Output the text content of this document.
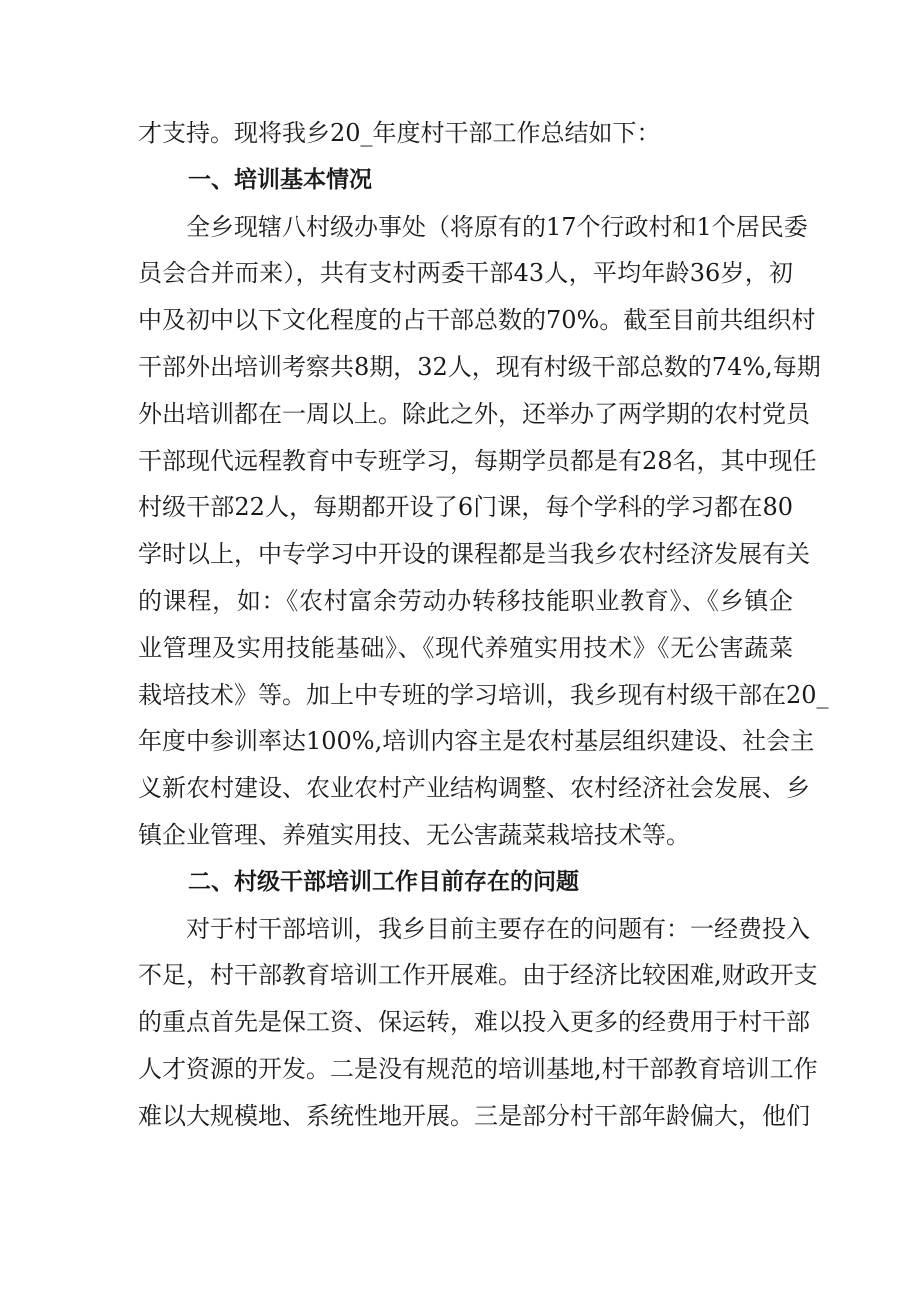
才支持。现将我乡20_年度村干部工作总结如下：
一、培训基本情况
全乡现辖八村级办事处（将原有的17个行政村和1个居民委
员会合并而来），共有支村两委干部43人，平均年龄36岁，初
中及初中以下文化程度的占干部总数的70%。截至目前共组织村
干部外出培训考察共8期，32人，现有村级干部总数的74%,每期
外出培训都在一周以上。除此之外，还举办了两学期的农村党员
干部现代远程教育中专班学习，每期学员都是有28名，其中现任
村级干部22人，每期都开设了6门课，每个学科的学习都在80
学时以上，中专学习中开设的课程都是当我乡农村经济发展有关
的课程，如：《农村富余劳动办转移技能职业教育》、《乡镇企
业管理及实用技能基础》、《现代养殖实用技术》《无公害蔬菜
栽培技术》等。加上中专班的学习培训，我乡现有村级干部在20_
年度中参训率达100%,培训内容主是农村基层组织建设、社会主
义新农村建设、农业农村产业结构调整、农村经济社会发展、乡
镇企业管理、养殖实用技、无公害蔬菜栽培技术等。
二、村级干部培训工作目前存在的问题
对于村干部培训，我乡目前主要存在的问题有：一经费投入
不足，村干部教育培训工作开展难。由于经济比较困难,财政开支
的重点首先是保工资、保运转，难以投入更多的经费用于村干部
人才资源的开发。二是没有规范的培训基地,村干部教育培训工作
难以大规模地、系统性地开展。三是部分村干部年龄偏大，他们
